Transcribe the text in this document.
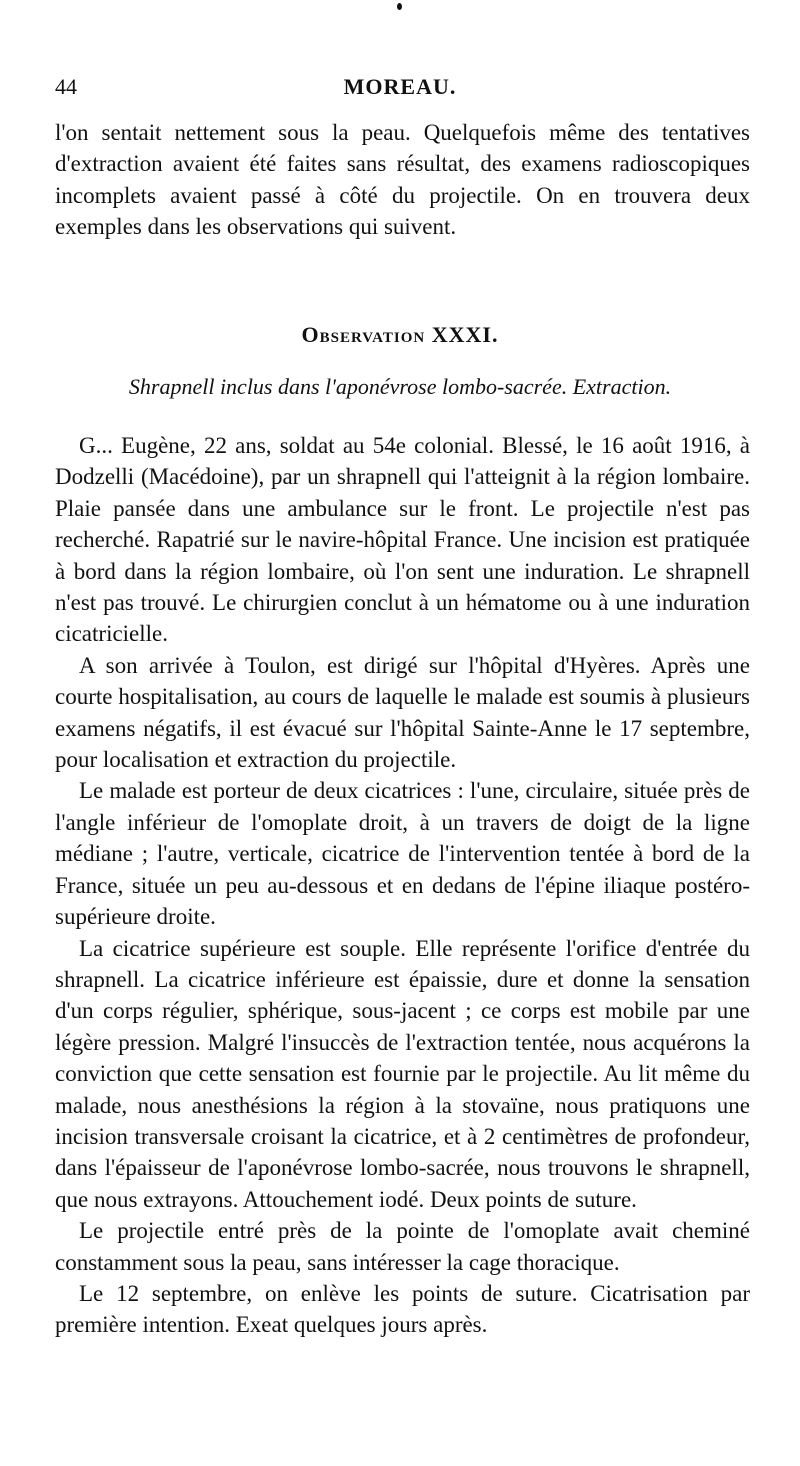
44	MOREAU.

l'on sentait nettement sous la peau. Quelquefois même des tentatives d'extraction avaient été faites sans résultat, des examens radioscopiques incomplets avaient passé à côté du projectile. On en trouvera deux exemples dans les observations qui suivent.

Observation XXXI.
Shrapnell inclus dans l'aponévrose lombo-sacrée. Extraction.

G... Eugène, 22 ans, soldat au 54e colonial. Blessé, le 16 août 1916, à Dodzelli (Macédoine), par un shrapnell qui l'atteignit à la région lombaire. Plaie pansée dans une ambulance sur le front. Le projectile n'est pas recherché. Rapatrié sur le navire-hôpital France. Une incision est pratiquée à bord dans la région lombaire, où l'on sent une induration. Le shrapnell n'est pas trouvé. Le chirurgien conclut à un hématome ou à une induration cicatricielle.

A son arrivée à Toulon, est dirigé sur l'hôpital d'Hyères. Après une courte hospitalisation, au cours de laquelle le malade est soumis à plusieurs examens négatifs, il est évacué sur l'hôpital Sainte-Anne le 17 septembre, pour localisation et extraction du projectile.

Le malade est porteur de deux cicatrices : l'une, circulaire, située près de l'angle inférieur de l'omoplate droit, à un travers de doigt de la ligne médiane ; l'autre, verticale, cicatrice de l'intervention tentée à bord de la France, située un peu au-dessous et en dedans de l'épine iliaque postéro-supérieure droite.

La cicatrice supérieure est souple. Elle représente l'orifice d'entrée du shrapnell. La cicatrice inférieure est épaissie, dure et donne la sensation d'un corps régulier, sphérique, sous-jacent ; ce corps est mobile par une légère pression. Malgré l'insuccès de l'extraction tentée, nous acquérons la conviction que cette sensation est fournie par le projectile. Au lit même du malade, nous anesthésions la région à la stovaïne, nous pratiquons une incision transversale croisant la cicatrice, et à 2 centimètres de profondeur, dans l'épaisseur de l'aponévrose lombo-sacrée, nous trouvons le shrapnell, que nous extrayons. Attouchement iodé. Deux points de suture.

Le projectile entré près de la pointe de l'omoplate avait cheminé constamment sous la peau, sans intéresser la cage thoracique.

Le 12 septembre, on enlève les points de suture. Cicatrisation par première intention. Exeat quelques jours après.
